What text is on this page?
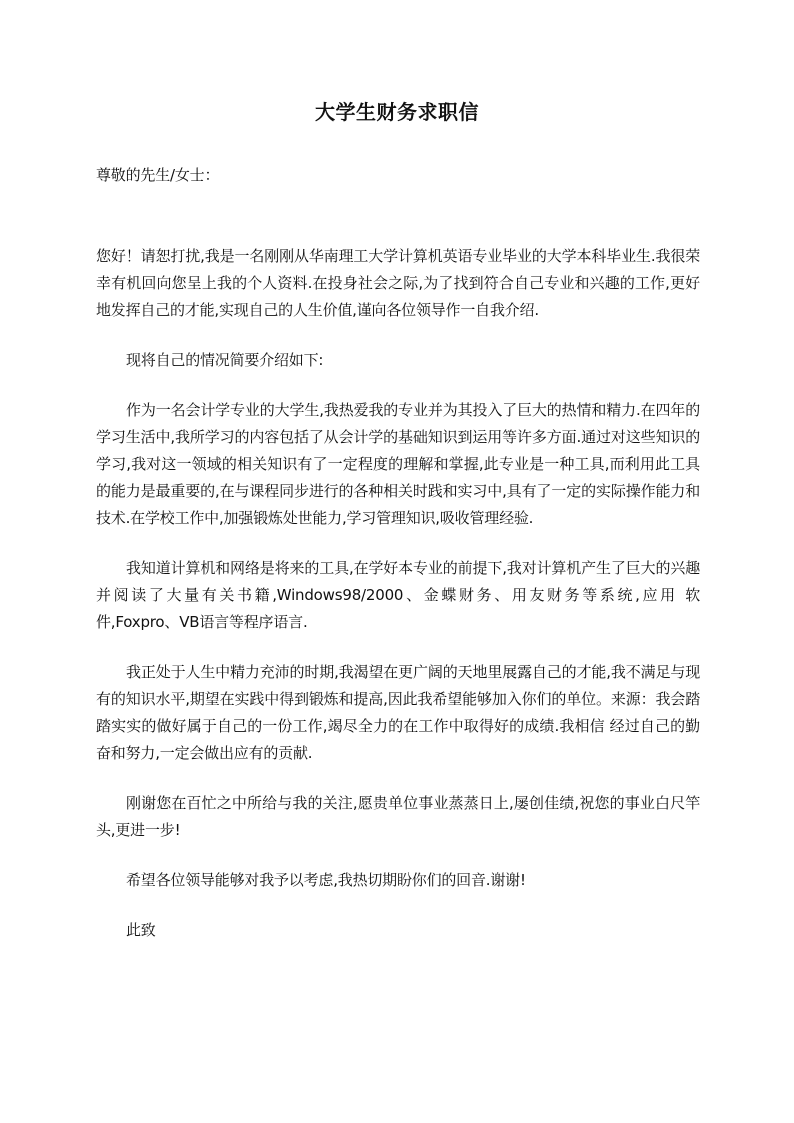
大学生财务求职信

尊敬的先生/女士：

您好！请恕打扰,我是一名刚刚从华南理工大学计算机英语专业毕业的大学本科毕业生.我很荣幸有机回向您呈上我的个人资料.在投身社会之际,为了找到符合自己专业和兴趣的工作,更好地发挥自己的才能,实现自己的人生价值,谨向各位领导作一自我介绍.

现将自己的情况简要介绍如下:

作为一名会计学专业的大学生,我热爱我的专业并为其投入了巨大的热情和精力.在四年的学习生活中,我所学习的内容包括了从会计学的基础知识到运用等许多方面.通过对这些知识的学习,我对这一领域的相关知识有了一定程度的理解和掌握,此专业是一种工具,而利用此工具的能力是最重要的,在与课程同步进行的各种相关时践和实习中,具有了一定的实际操作能力和技术.在学校工作中,加强锻炼处世能力,学习管理知识,吸收管理经验.

我知道计算机和网络是将来的工具,在学好本专业的前提下,我对计算机产生了巨大的兴趣并阅读了大量有关书籍,Windows98/2000、金蝶财务、用友财务等系统,应用 软件,Foxpro、VB语言等程序语言.

我正处于人生中精力充沛的时期,我渴望在更广阔的天地里展露自己的才能,我不满足与现有的知识水平,期望在实践中得到锻炼和提高,因此我希望能够加入你们的单位。来源：我会踏踏实实的做好属于自己的一份工作,竭尽全力的在工作中取得好的成绩.我相信 经过自己的勤奋和努力,一定会做出应有的贡献.

刚谢您在百忙之中所给与我的关注,愿贵单位事业蒸蒸日上,屡创佳绩,祝您的事业白尺竿头,更进一步!

希望各位领导能够对我予以考虑,我热切期盼你们的回音.谢谢!

此致
